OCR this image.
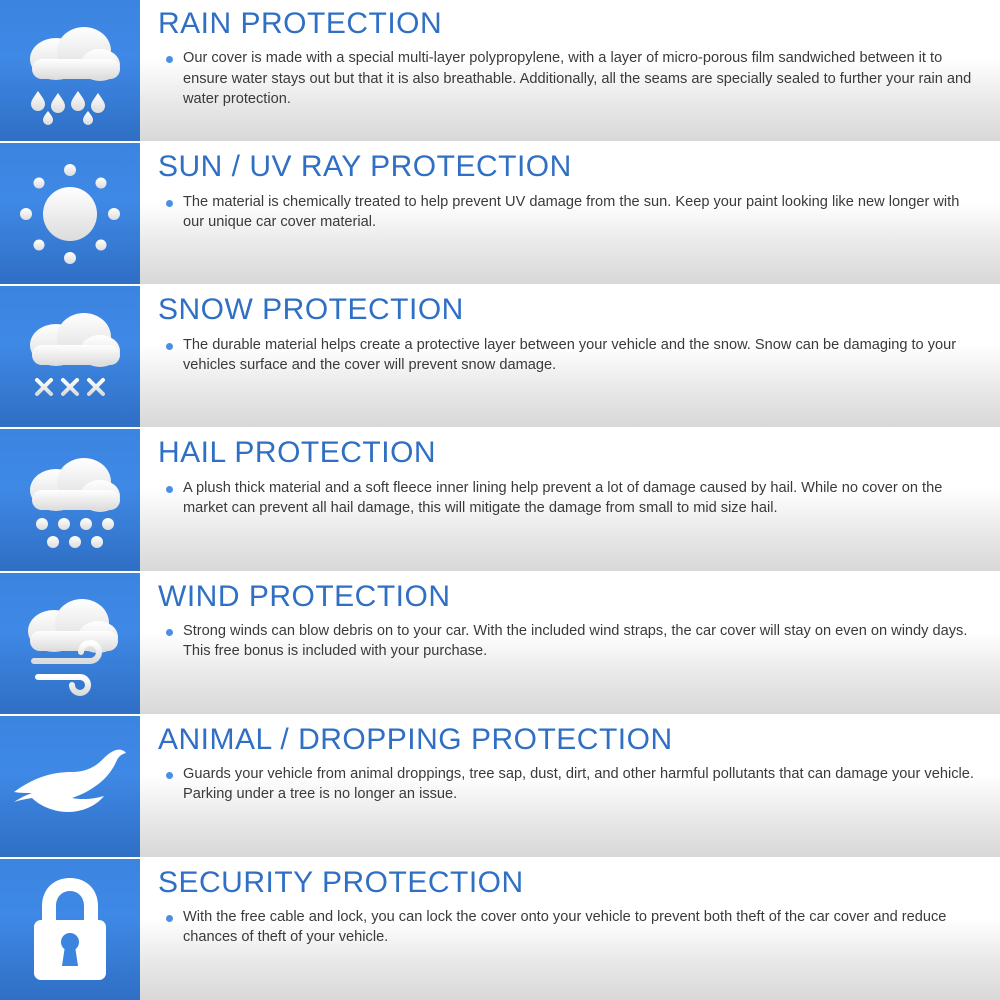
RAIN PROTECTION
Our cover is made with a special multi-layer polypropylene, with a layer of micro-porous film sandwiched between it to ensure water stays out but that it is also breathable. Additionally, all the seams are specially sealed to further your rain and water protection.
SUN / UV RAY PROTECTION
The material is chemically treated to help prevent UV damage from the sun. Keep your paint looking like new longer with our unique car cover material.
SNOW PROTECTION
The durable material helps create a protective layer between your vehicle and the snow. Snow can be damaging to your vehicles surface and the cover will prevent snow damage.
HAIL PROTECTION
A plush thick material and a soft fleece inner lining help prevent a lot of damage caused by hail. While no cover on the market can prevent all hail damage, this will mitigate the damage from small to mid size hail.
WIND PROTECTION
Strong winds can blow debris on to your car. With the included wind straps, the car cover will stay on even on windy days. This free bonus is included with your purchase.
ANIMAL / DROPPING PROTECTION
Guards your vehicle from animal droppings, tree sap, dust, dirt, and other harmful pollutants that can damage your vehicle. Parking under a tree is no longer an issue.
SECURITY PROTECTION
With the free cable and lock, you can lock the cover onto your vehicle to prevent both theft of the car cover and reduce chances of theft of your vehicle.
